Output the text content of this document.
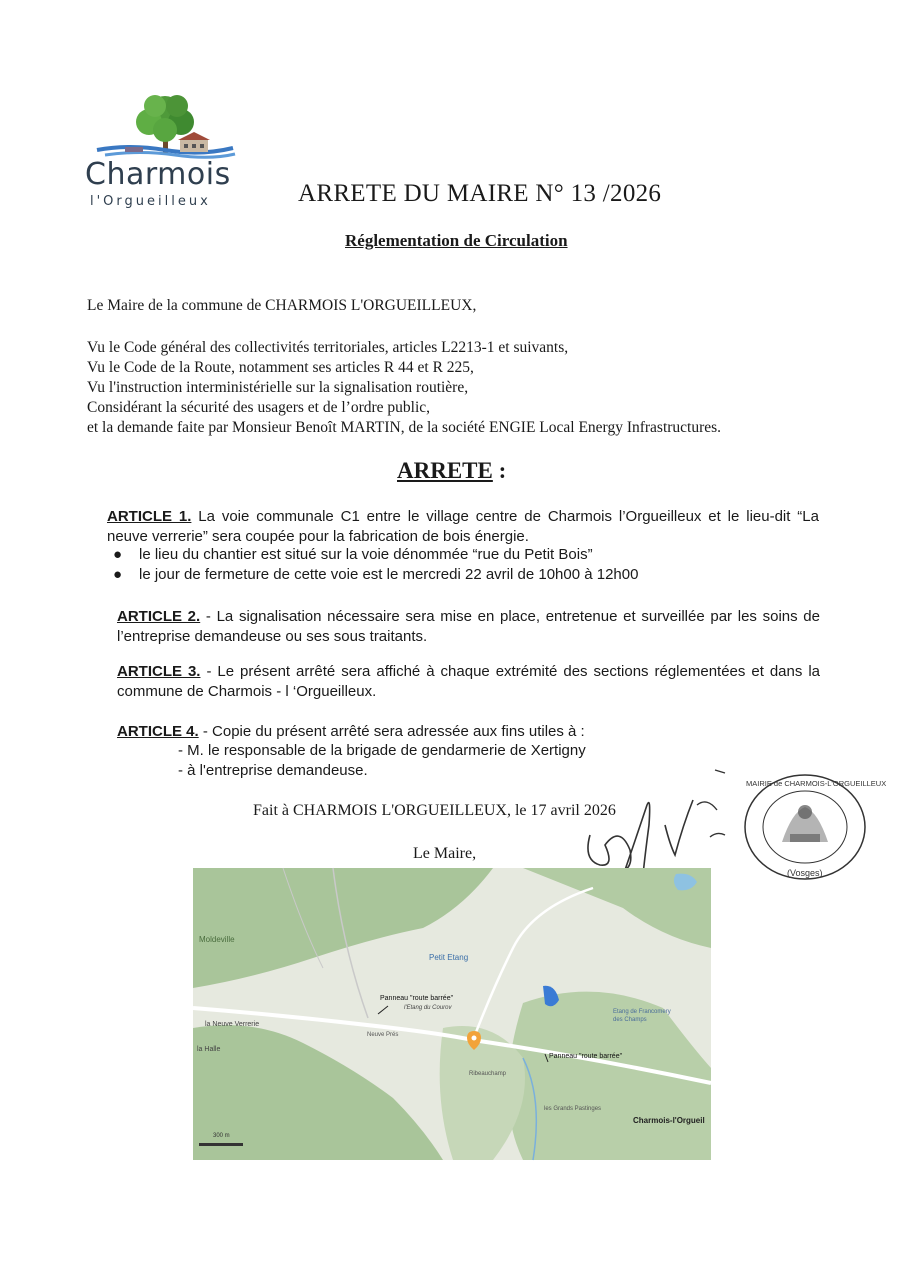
Charmois
l'Orgueilleux	ARRETE DU MAIRE N° 13 /2026
Réglementation de Circulation
Le Maire de la commune de CHARMOIS L'ORGUEILLEUX,
Vu le Code général des collectivités territoriales, articles L2213-1 et suivants,
Vu le Code de la Route, notamment ses articles R 44 et R 225,
Vu l'instruction interministérielle sur la signalisation routière,
Considérant la sécurité des usagers et de l’ordre public,
et la demande faite par Monsieur Benoît MARTIN, de la société ENGIE Local Energy Infrastructures.
ARRETE :
ARTICLE 1. La voie communale C1 entre le village centre de Charmois l’Orgueilleux et le lieu-dit “La neuve verrerie” sera coupée pour la fabrication de bois énergie.
●	le lieu du chantier est situé sur la voie dénommée “rue du Petit Bois”
●	le jour de fermeture de cette voie est le mercredi 22 avril de 10h00 à 12h00
ARTICLE 2. - La signalisation nécessaire sera mise en place, entretenue et surveillée par les soins de l’entreprise demandeuse ou ses sous traitants.
ARTICLE 3. - Le présent arrêté sera affiché à chaque extrémité des sections réglementées et dans la commune de Charmois - l ‘Orgueilleux.
ARTICLE 4. - Copie du présent arrêté sera adressée aux fins utiles à :
- M. le responsable de la brigade de gendarmerie de Xertigny
- à l'entreprise demandeuse.
Fait à CHARMOIS L'ORGUEILLEUX, le 17 avril 2026
Le Maire,
MAIRIE de CHARMOIS-L'ORGUEILLEUX
(Vosges)
Moldeville
Petit Etang
Panneau "route barrée"
l'Etang du Courov
la Neuve Verrerie
Neuve Prés
la Halle
Etang de Francomery des Champs
Panneau "route barrée"
Ribeauchamp
les Grands Pastinges
Charmois-l'Orgueil
300 m
